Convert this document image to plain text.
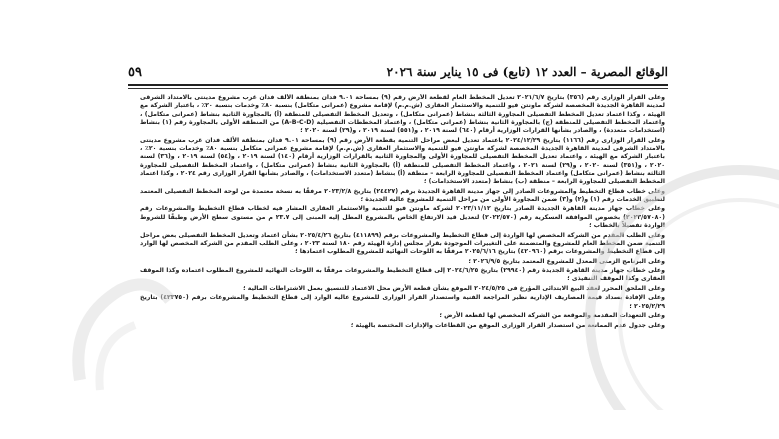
الوقائع المصرية – العدد ١٢ (تابع) فى ١٥ يناير سنة ٢٠٢٦
٥٩

وعلى القرار الوزارى رقم (٣٥٦) بتاريخ ٢٠٢١/٦/٧ تعديل المخطط العام لقطعة الأرض رقم (٩) بمساحة ٩.٠١ فدان بمنطقة الألف فدان غرب مشروع مدينتى بالامتداد الشرقى لمدينة القاهرة الجديدة المخصصة لشركة ماونتن فيو للتنمية والاستثمار العقارى (ش.م.م) لإقامة مشروع (عمرانى متكامل) بنسبة ٨٠٪ وخدمات بنسبة ٢٠٪ ، باعتبار الشركة مع الهيئة ، وكذا اعتماد تعديل المخطط التفصيلى المجاورة الثالثة بنشاط (عمرانى متكامل) ، وتعديل المخطط التفصيلى للمنطقة (أ) بالمجاورة الثانية بنشاط (عمرانى متكامل) ، واعتماد المخطط التفصيلى للمنطقة (ج) بالمجاورة الثانية بنشاط (عمرانى متكامل) ، واعتماد المخططات التفصيلية (A-B-C-D) من المنطقة الأولى بالمجاورة رقم (١) بنشاط (استخدامات متعددة) ، والصادر بشأنها القرارات الوزارية أرقام (٦٤٠) لسنة ٢٠١٩ ، و(٥٥١) لسنة ٢٠١٩ ، و(٢٩) لسنة ٢٠٢٠ ؛

وعلى القرار الوزارى رقم (١١٦٦) بتاريخ ٢٠٢٤/١٢/٢٩ باعتماد تعديل لبعض مراحل التنمية بقطعة الأرض رقم (٩) بمساحة ٩.٠١ فدان بمنطقة الألف فدان غرب مشروع مدينتى بالامتداد الشرقى لمدينة القاهرة الجديدة المخصصة لشركة ماونتن فيو للتنمية والاستثمار العقارى (ش.م.م) لإقامة مشروع عمرانى متكامل بنسبة ٨٠٪ وخدمات بنسبة ٢٠٪ ، باعتبار الشركة مع الهيئة ، واعتماد تعديل المخطط التفصيلى للمجاورة الأولى والمجاورة الثانية بالقرارات الوزارية أرقام (١٤٠) لسنة ٢٠١٩ ، و(٥٤) لسنة ٢٠١٩ ، و(٣٦) لسنة ٢٠٢٠ ، و(٣٥١) لسنة ٢٠٢٠ ، و(٢٩) لسنة ٢٠٢١ ، واعتماد المخطط التفصيلى للمنطقة (أ) بالمجاورة الثانية بنشاط (عمرانى متكامل) ، واعتماد المخطط التفصيلى للمجاورة الثالثة بنشاط (عمرانى متكامل) واعتماد المخطط التفصيلى للمجاورة الرابعة – منطقة (أ) بنشاط (متعدد الاستخدامات) ، والصادر بشأنها القرار الوزارى رقم ٢٠٢٤ ، وكذا اعتماد المخطط التفصيلى للمجاورة الرابعة – منطقة (ب) بنشاط (متعدد الاستخدامات) ؛

وعلى خطاب قطاع التخطيط والمشروعات الصادر إلى جهاز مدينة القاهرة الجديدة برقم (٢٤٤٢٧) بتاريخ ٢٠٢٣/٢/٨ مرفقًا به نسخة معتمدة من لوحة المخطط التفصيلى المعتمد لتطبيق الخدمات رقم (١) و(٢) و(٣) ضمن المجاورة الأولى من مراحل التنمية للمشروع عاليه الجديدة ؛

وعلى خطاب جهاز مدينة القاهرة الجديدة الصادر بتاريخ ٢٠٢٣/١١/١٢ لشركة ماونتن فيو للتنمية والاستثمار العقارى المشار فيه لخطاب قطاع التخطيط والمشروعات رقم (٢٠٢٣/٥٧٠٨٠) بخصوص الموافقة العسكرية رقم (٢٠٢٢/٥٧٠) لتعديل قيد الارتفاع الخاص بالمشروع المطل إليه المبنى إلى ٢٣.٧ م من مستوى سطح الأرض وطبقًا للشروط الواردة تفصيلاً بالخطاب ؛

وعلى الطلب المقدم من الشركة المخصص لها الواردة إلى قطاع التخطيط والمشروعات برقم (٤١١٨٩٩) بتاريخ ٢٠٢٥/٤/٢٦ بشأن اعتماد وتعديل المخطط التفصيلى بعض مراحل التنمية ضمن المخطط العام للمشروع والمتضمنة على التغييرات الموجودة بقرار مجلس إدارة الهيئة رقم ١٨٠ لسنة ٢٠٢٣ ، وعلى الطلب المقدم من الشركة المخصص لها الوارد إلى قطاع التخطيط والمشروعات برقم (٤٢٠٩٦٠) بتاريخ ٢٠٢٥/٦/١٦ مرفقًا به اللوحات النهائية للمشروع المطلوب اعتمادها ؛

وعلى البرنامج الزمنى المعدل للمشروع المعتمد بتاريخ ٢٠٢٦/٩/٥ ؛

وعلى خطاب جهاز مدينة القاهرة الجديدة رقم (٢٩٩٤٠) بتاريخ ٢٠٢٤/٦/٢٥ إلى قطاع التخطيط والمشروعات مرفقًا به اللوحات النهائية للمشروع المطلوب اعتماده وكذا الموقف العقارى وكذا الموقف التنفيذى ؛

وعلى الملحق المحرر لعقد البيع الابتدائى المؤرخ فى ٢٠٢٤/٥/٢٥ الموقع بشأن قطعة الأرض محل الاعتماد للتنسيق بعمل الاشتراطات المالية ؛

وعلى الإفادة بسداد قيمة المصاريف الإدارية نظير المراجعة الفنية واستصدار القرار الوزارى للمشروع عاليه الوارد إلى قطاع التخطيط والمشروعات برقم (٤٢٣٧٥٠) بتاريخ ٢٠٢٥/٢/٢٩ ؛

وعلى التعهدات المقدمة والموقعة من الشركة المخصص لها لقطعة الأرض ؛

وعلى جدول عدم الممانعة من استصدار القرار الوزارى الموقع من القطاعات والإدارات المختصة بالهيئة ؛
